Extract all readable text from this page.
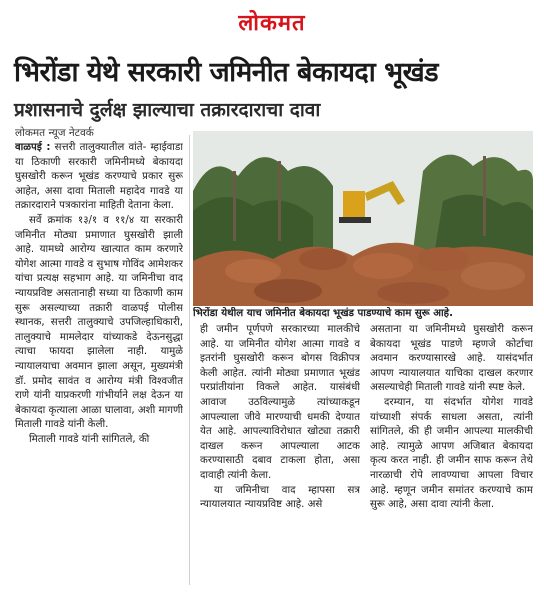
लोकमत
भिरोंडा येथे सरकारी जमिनीत बेकायदा भूखंड
प्रशासनाचे दुर्लक्ष झाल्याचा तक्रारदाराचा दावा
लोकमत न्यूज नेटवर्क

वाळपई : सत्तरी तालुक्यातील वांते- म्हाईवाडा या ठिकाणी सरकारी जमिनीमध्ये बेकायदा घुसखोरी करून भूखंड करण्याचे प्रकार सुरू आहेत, असा दावा मिताली महादेव गावडे या तक्रारदाराने पत्रकारांना माहिती देताना केला.

सर्वे क्रमांक १३/१ व ११/४ या सरकारी जमिनीत मोठ्या प्रमाणात घुसखोरी झाली आहे. यामध्ये आरोग्य खात्यात काम करणारे योगेश आत्मा गावडे व सुभाष गोविंद आमेशकर यांचा प्रत्यक्ष सहभाग आहे. या जमिनीचा वाद न्यायप्रविष्ट असतानाही सध्या या ठिकाणी काम सुरू असल्याच्या तक्रारी वाळपई पोलीस स्थानक, सत्तरी तालुक्याचे उपजिल्हाधिकारी, तालुक्याचे मामलेदार यांच्याकडे देऊनसुद्धा त्याचा फायदा झालेला नाही. यामुळे न्यायालयाचा अवमान झाला असून, मुख्यमंत्री डॉ. प्रमोद सावंत व आरोग्य मंत्री विश्वजीत राणे यांनी याप्रकरणी गांभीर्याने लक्ष देऊन या बेकायदा कृत्याला आळा घालावा, अशी मागणी मिताली गावडे यांनी केली.

मिताली गावडे यांनी सांगितले, की

भिरोंडा येथील याच जमिनीत बेकायदा भूखंड पाडण्याचे काम सुरू आहे.

ही जमीन पूर्णपणे सरकारच्या मालकीचे आहे. या जमिनीत योगेश आत्मा गावडे व इतरांनी घुसखोरी करून बोगस विक्रीपत्र केली आहेत. त्यांनी मोठ्या प्रमाणात भूखंड परप्रांतीयांना विकले आहेत. यासंबंधी आवाज उठविल्यामुळे त्यांच्याकडून आपल्याला जीवे मारण्याची धमकी देण्यात येत आहे. आपल्याविरोधात खोट्या तक्रारी दाखल करून आपल्याला आटक करण्यासाठी दबाव टाकला होता, असा दावाही त्यांनी केला.

या जमिनीचा वाद म्हापसा सत्र न्यायालयात न्यायप्रविष्ट आहे. असे

असताना या जमिनीमध्ये घुसखोरी करून बेकायदा भूखंड पाडणे म्हणजे कोर्टाचा अवमान करण्यासारखे आहे. यासंदर्भात आपण न्यायालयात याचिका दाखल करणार असल्याचेही मिताली गावडे यांनी स्पष्ट केले.

दरम्यान, या संदर्भात योगेश गावडे यांच्याशी संपर्क साधला असता, त्यांनी सांगितले, की ही जमीन आपल्या मालकीची आहे. त्यामुळे आपण अजिबात बेकायदा कृत्य करत नाही. ही जमीन साफ करून तेथे नारळाची रोपे लावण्याचा आपला विचार आहे. म्हणून जमीन समांतर करण्याचे काम सुरू आहे, असा दावा त्यांनी केला.
